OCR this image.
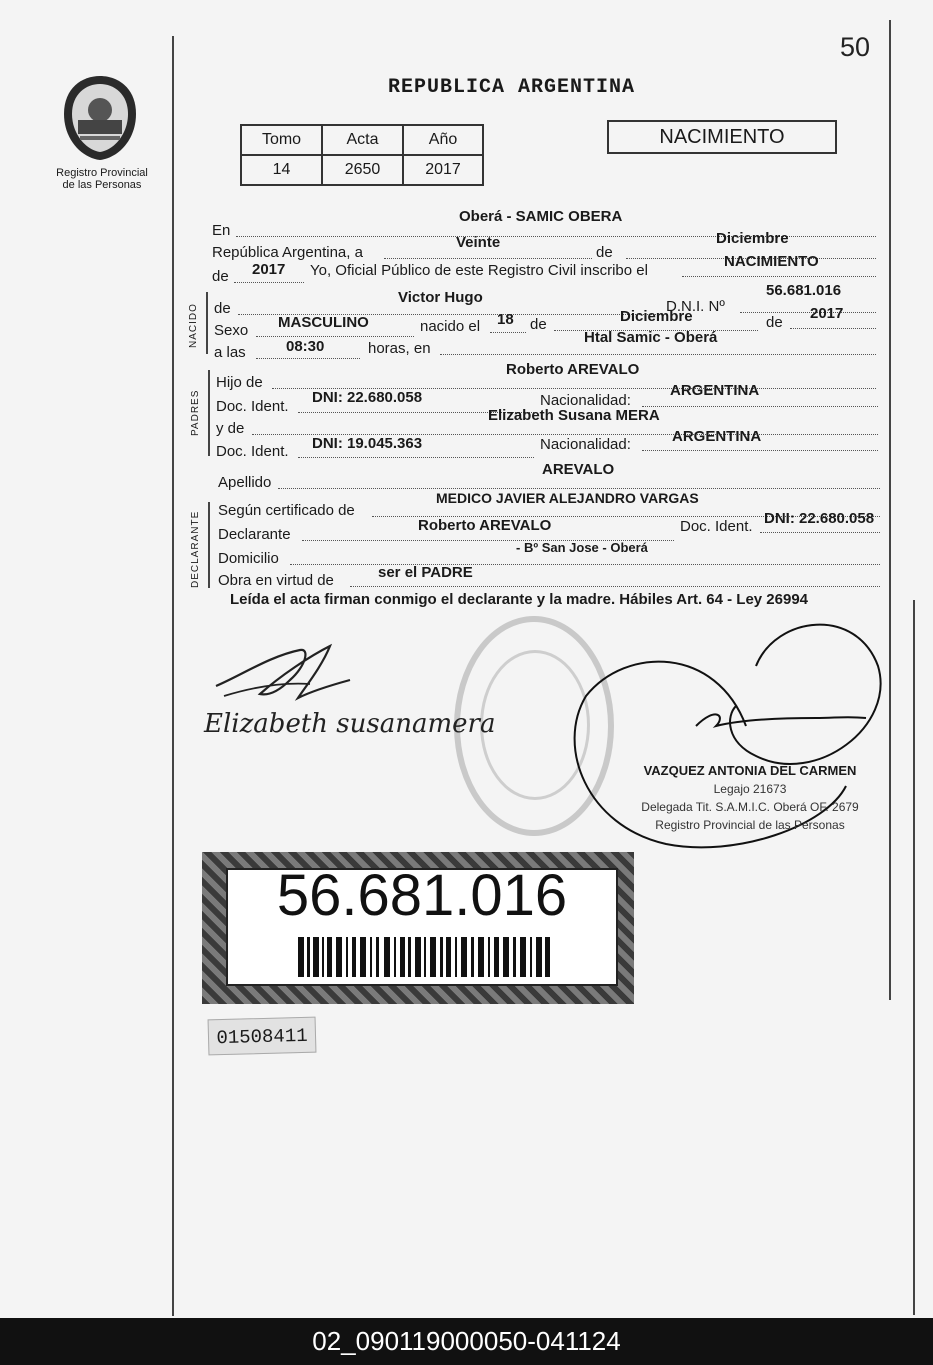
50
Registro Provincial
de las Personas
REPUBLICA ARGENTINA
Tomo	Acta	Año
14	2650	2017
NACIMIENTO
En
Oberá - SAMIC OBERA
República Argentina, a
Veinte
de
Diciembre
de 2017 Yo, Oficial Público de este Registro Civil inscribo el
NACIMIENTO
NACIDO de
Victor Hugo
D.N.I. Nº
56.681.016
Sexo MASCULINO	nacido el 18 de	Diciembre	de
2017
a las	08:30	horas, en
Htal Samic - Oberá
PADRES
Hijo de
Roberto AREVALO
Doc. Ident.
DNI: 22.680.058	Nacionalidad:
ARGENTINA
y de
Elizabeth Susana MERA
Doc. Ident. DNI: 19.045.363	Nacionalidad:	ARGENTINA
Apellido
AREVALO
DECLARANTE
Según certificado de
MEDICO JAVIER ALEJANDRO VARGAS
Declarante
Roberto AREVALO	Doc. Ident. DNI: 22.680.058
Domicilio
- Bº San Jose - Oberá
Obra en virtud de	ser el PADRE
Leída el acta firman conmigo el declarante y la madre. Hábiles Art. 64 - Ley 26994
Elizabeth susanamera
VAZQUEZ ANTONIA DEL CARMEN
Legajo 21673
Delegada Tit. S.A.M.I.C. Oberá OF. 2679
Registro Provincial de las Personas
56.681.016
01508411
02_090119000050-041124
